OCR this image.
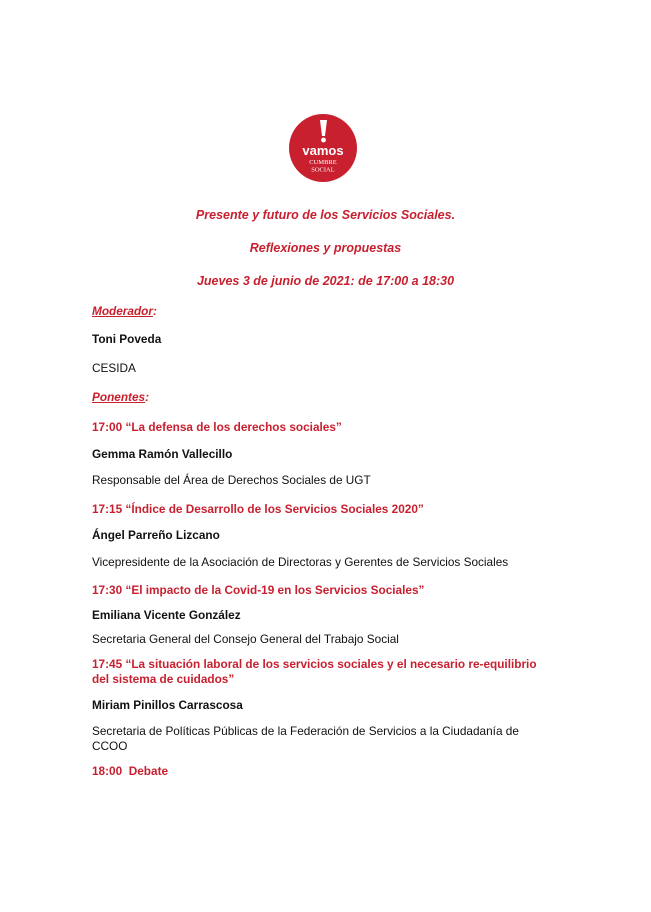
vamos
CUMBRE
SOCIAL
Presente y futuro de los Servicios Sociales.
Reflexiones y propuestas
Jueves 3 de junio de 2021: de 17:00 a 18:30
Moderador:
Toni Poveda
CESIDA
Ponentes:
17:00 “La defensa de los derechos sociales”
Gemma Ramón Vallecillo
Responsable del Área de Derechos Sociales de UGT
17:15 “Índice de Desarrollo de los Servicios Sociales 2020”
Ángel Parreño Lizcano
Vicepresidente de la Asociación de Directoras y Gerentes de Servicios Sociales
17:30 “El impacto de la Covid-19 en los Servicios Sociales”
Emiliana Vicente González
Secretaria General del Consejo General del Trabajo Social
17:45 “La situación laboral de los servicios sociales y el necesario re-equilibrio
del sistema de cuidados”
Miriam Pinillos Carrascosa
Secretaria de Políticas Públicas de la Federación de Servicios a la Ciudadanía de
CCOO
18:00  Debate
